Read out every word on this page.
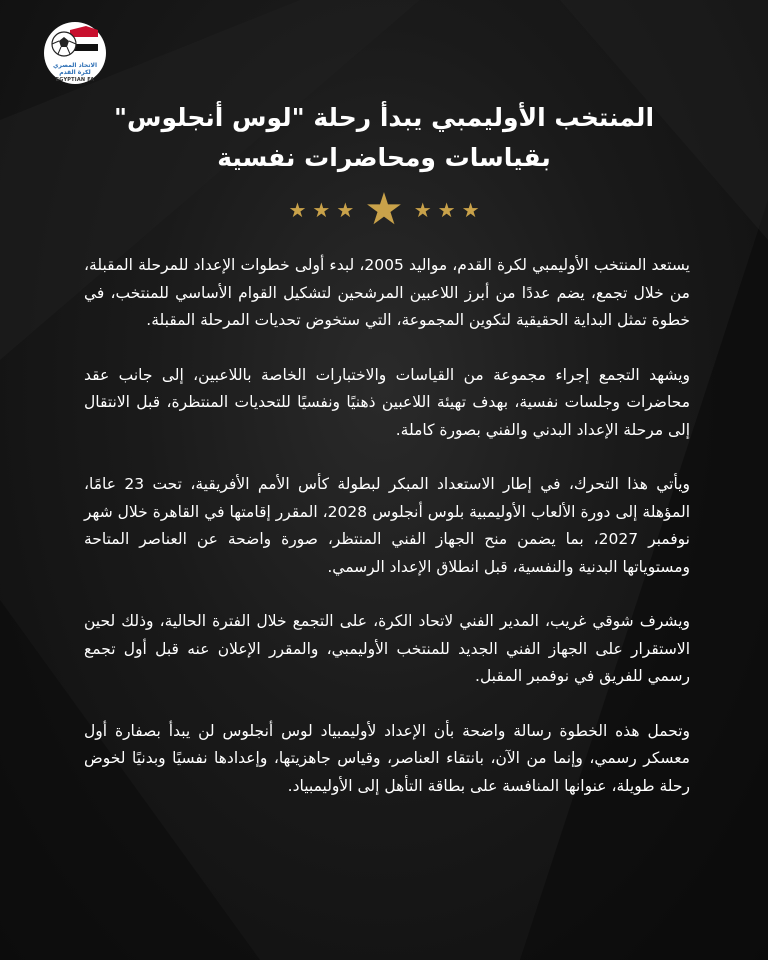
الاتحاد المصري
لكرة القدم
EGYPTIAN FA
المنتخب الأوليمبي يبدأ رحلة "لوس أنجلوس"
بقياسات ومحاضرات نفسية
★ ★ ★ ★ ★ ★ ★

يستعد المنتخب الأوليمبي لكرة القدم، مواليد 2005، لبدء أولى خطوات الإعداد للمرحلة المقبلة، من خلال تجمع، يضم عددًا من أبرز اللاعبين المرشحين لتشكيل القوام الأساسي للمنتخب، في خطوة تمثل البداية الحقيقية لتكوين المجموعة، التي ستخوض تحديات المرحلة المقبلة.

ويشهد التجمع إجراء مجموعة من القياسات والاختبارات الخاصة باللاعبين، إلى جانب عقد محاضرات وجلسات نفسية، بهدف تهيئة اللاعبين ذهنيًا ونفسيًا للتحديات المنتظرة، قبل الانتقال إلى مرحلة الإعداد البدني والفني بصورة كاملة.

ويأتي هذا التحرك، في إطار الاستعداد المبكر لبطولة كأس الأمم الأفريقية، تحت 23 عامًا، المؤهلة إلى دورة الألعاب الأوليمبية بلوس أنجلوس 2028، المقرر إقامتها في القاهرة خلال شهر نوفمبر 2027، بما يضمن منح الجهاز الفني المنتظر، صورة واضحة عن العناصر المتاحة ومستوياتها البدنية والنفسية، قبل انطلاق الإعداد الرسمي.

ويشرف شوقي غريب، المدير الفني لاتحاد الكرة، على التجمع خلال الفترة الحالية، وذلك لحين الاستقرار على الجهاز الفني الجديد للمنتخب الأوليمبي، والمقرر الإعلان عنه قبل أول تجمع رسمي للفريق في نوفمبر المقبل.

وتحمل هذه الخطوة رسالة واضحة بأن الإعداد لأوليمبياد لوس أنجلوس لن يبدأ بصفارة أول معسكر رسمي، وإنما من الآن، بانتقاء العناصر، وقياس جاهزيتها، وإعدادها نفسيًا وبدنيًا لخوض رحلة طويلة، عنوانها المنافسة على بطاقة التأهل إلى الأوليمبياد.
